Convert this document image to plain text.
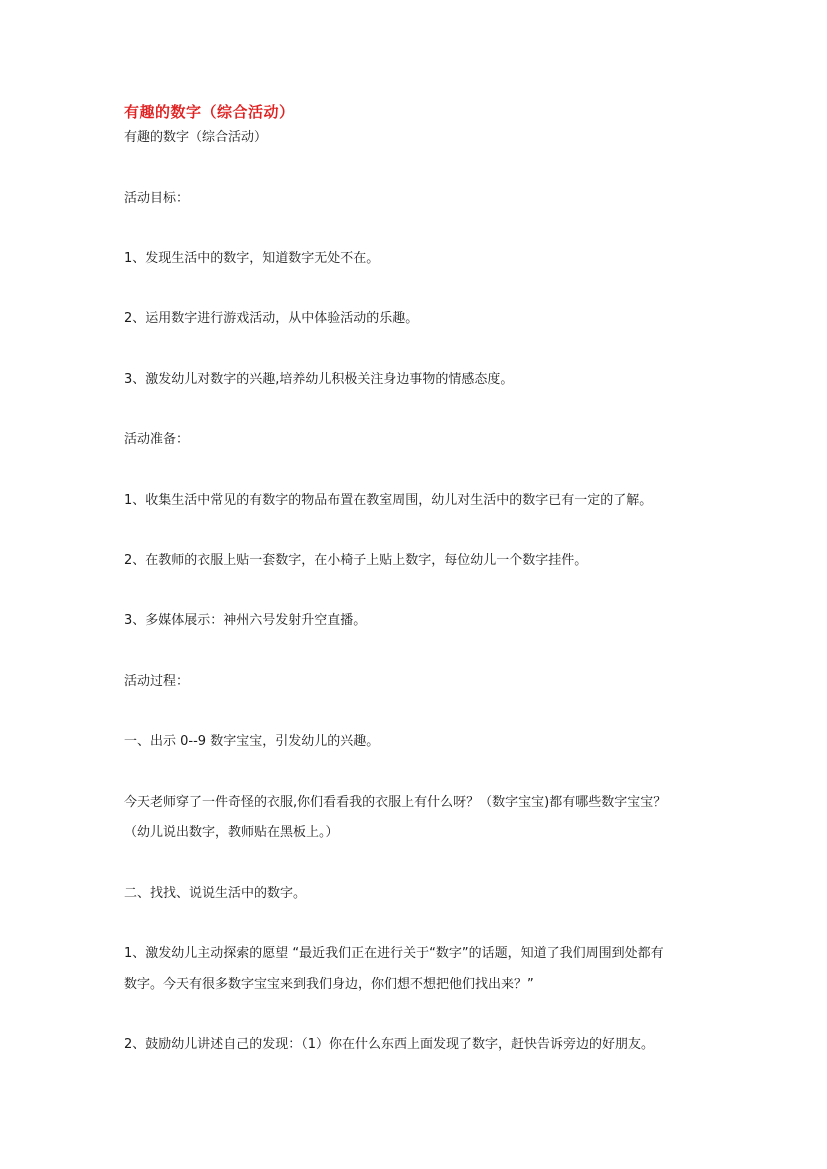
有趣的数字（综合活动）
有趣的数字（综合活动）
活动目标：
1、发现生活中的数字，知道数字无处不在。
2、运用数字进行游戏活动，从中体验活动的乐趣。
3、激发幼儿对数字的兴趣,培养幼儿积极关注身边事物的情感态度。
活动准备：
1、收集生活中常见的有数字的物品布置在教室周围，幼儿对生活中的数字已有一定的了解。
2、在教师的衣服上贴一套数字，在小椅子上贴上数字，每位幼儿一个数字挂件。
3、多媒体展示：神州六号发射升空直播。
活动过程：
一、出示 0--9 数字宝宝，引发幼儿的兴趣。
今天老师穿了一件奇怪的衣服,你们看看我的衣服上有什么呀？（数字宝宝)都有哪些数字宝宝？
（幼儿说出数字，教师贴在黑板上。）
二、找找、说说生活中的数字。
1、激发幼儿主动探索的愿望 “最近我们正在进行关于“数字”的话题，知道了我们周围到处都有
数字。今天有很多数字宝宝来到我们身边，你们想不想把他们找出来？”
2、鼓励幼儿讲述自己的发现：（1）你在什么东西上面发现了数字，赶快告诉旁边的好朋友。
